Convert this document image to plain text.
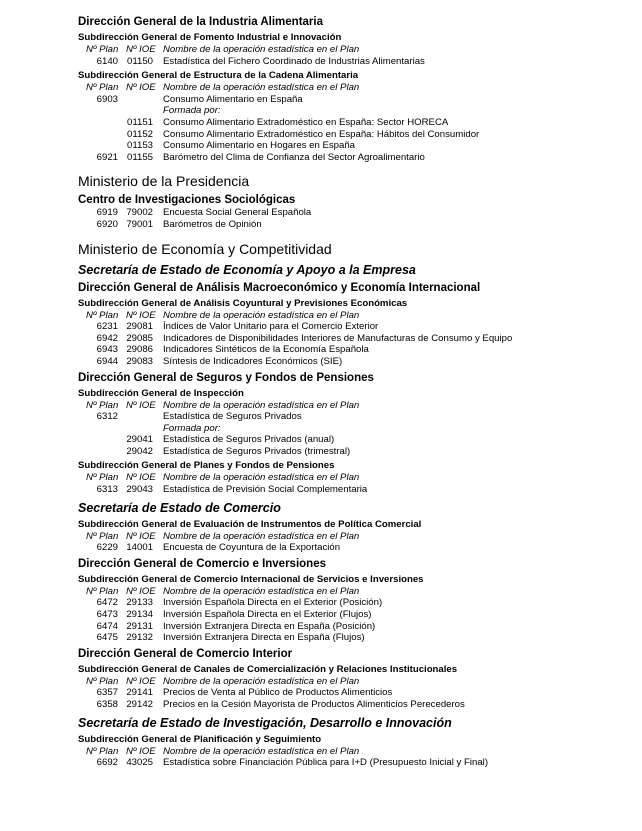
Dirección General de la Industria Alimentaria
Subdirección General de Fomento Industrial e Innovación
Nº Plan Nº IOE Nombre de la operación estadística en el Plan
6140 01150	Estadística del Fichero Coordinado de Industrias Alimentarias
Subdirección General de Estructura de la Cadena Alimentaria
Nº Plan Nº IOE Nombre de la operación estadística en el Plan
6903	Consumo Alimentario en España
Formada por:
01151	Consumo Alimentario Extradoméstico en España: Sector HORECA
01152	Consumo Alimentario Extradoméstico en España: Hábitos del Consumidor
01153	Consumo Alimentario en Hogares en España
6921 01155	Barómetro del Clima de Confianza del Sector Agroalimentario
Ministerio de la Presidencia
Centro de Investigaciones Sociológicas
6919 79002	Encuesta Social General Española
6920 79001	Barómetros de Opinión
Ministerio de Economía y Competitividad
Secretaría de Estado de Economía y Apoyo a la Empresa
Dirección General de Análisis Macroeconómico y Economía Internacional
Subdirección General de Análisis Coyuntural y Previsiones Económicas
Nº Plan Nº IOE Nombre de la operación estadística en el Plan
6231 29081	Índices de Valor Unitario para el Comercio Exterior
6942 29085	Indicadores de Disponibilidades Interiores de Manufacturas de Consumo y Equipo
6943 29086	Indicadores Sintéticos de la Economía Española
6944 29083	Síntesis de Indicadores Económicos (SIE)
Dirección General de Seguros y Fondos de Pensiones
Subdirección General de Inspección
Nº Plan Nº IOE Nombre de la operación estadística en el Plan
6312	Estadística de Seguros Privados
Formada por:
29041	Estadística de Seguros Privados (anual)
29042	Estadística de Seguros Privados (trimestral)
Subdirección General de Planes y Fondos de Pensiones
Nº Plan Nº IOE Nombre de la operación estadística en el Plan
6313 29043	Estadística de Previsión Social Complementaria
Secretaría de Estado de Comercio
Subdirección General de Evaluación de Instrumentos de Política Comercial
Nº Plan Nº IOE Nombre de la operación estadística en el Plan
6229 14001	Encuesta de Coyuntura de la Exportación
Dirección General de Comercio e Inversiones
Subdirección General de Comercio Internacional de Servicios e Inversiones
Nº Plan Nº IOE Nombre de la operación estadística en el Plan
6472 29133	Inversión Española Directa en el Exterior (Posición)
6473 29134	Inversión Española Directa en el Exterior (Flujos)
6474 29131	Inversión Extranjera Directa en España (Posición)
6475 29132	Inversión Extranjera Directa en España (Flujos)
Dirección General de Comercio Interior
Subdirección General de Canales de Comercialización y Relaciones Institucionales
Nº Plan Nº IOE Nombre de la operación estadística en el Plan
6357 29141	Precios de Venta al Público de Productos Alimenticios
6358 29142	Precios en la Cesión Mayorista de Productos Alimenticios Perecederos
Secretaría de Estado de Investigación, Desarrollo e Innovación
Subdirección General de Planificación y Seguimiento
Nº Plan Nº IOE Nombre de la operación estadística en el Plan
6692 43025	Estadística sobre Financiación Pública para I+D (Presupuesto Inicial y Final)
